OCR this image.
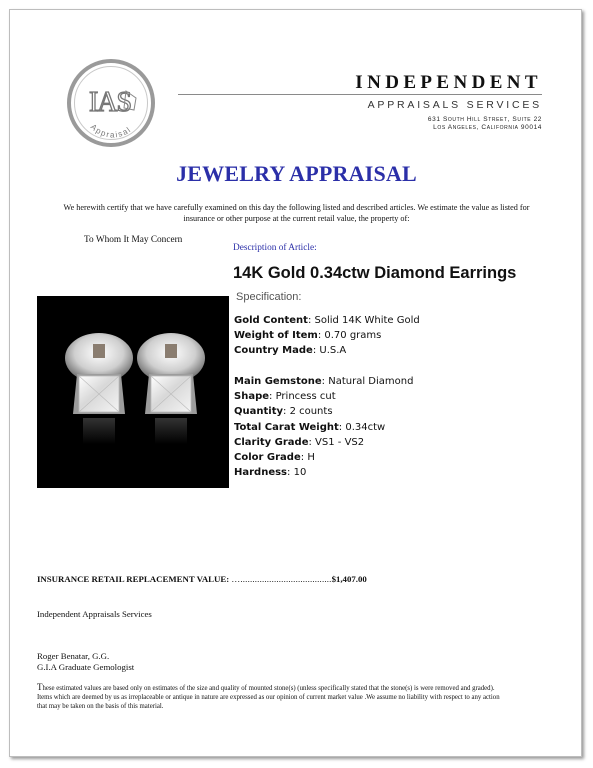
IAS
Appraisal
INDEPENDENT
APPRAISALS SERVICES
631 South Hill Street, Suite 22
Los Angeles, California 90014
JEWELRY APPRAISAL
We herewith certify that we have carefully examined on this day the following listed and described articles. We estimate the value as listed for
insurance or other purpose at the current retail value, the property of:
To Whom It May Concern
Description of Article:
14K Gold 0.34ctw Diamond Earrings
Specification:
Gold Content: Solid 14K White Gold
Weight of Item: 0.70 grams
Country Made: U.S.A
Main Gemstone: Natural Diamond
Shape: Princess cut
Quantity: 2 counts
Total Carat Weight: 0.34ctw
Clarity Grade: VS1 - VS2
Color Grade: H
Hardness: 10
INSURANCE RETAIL REPLACEMENT VALUE: …......................................$1,407.00
Independent Appraisals Services
Roger Benatar, G.G.
G.I.A Graduate Gemologist
These estimated values are based only on estimates of the size and quality of mounted stone(s) (unless specifically stated that the stone(s) is were removed and graded). Items which are deemed by us as irreplaceable or antique in nature are expressed as our opinion of current market value .We assume no liability with respect to any action that may be taken on the basis of this material.
